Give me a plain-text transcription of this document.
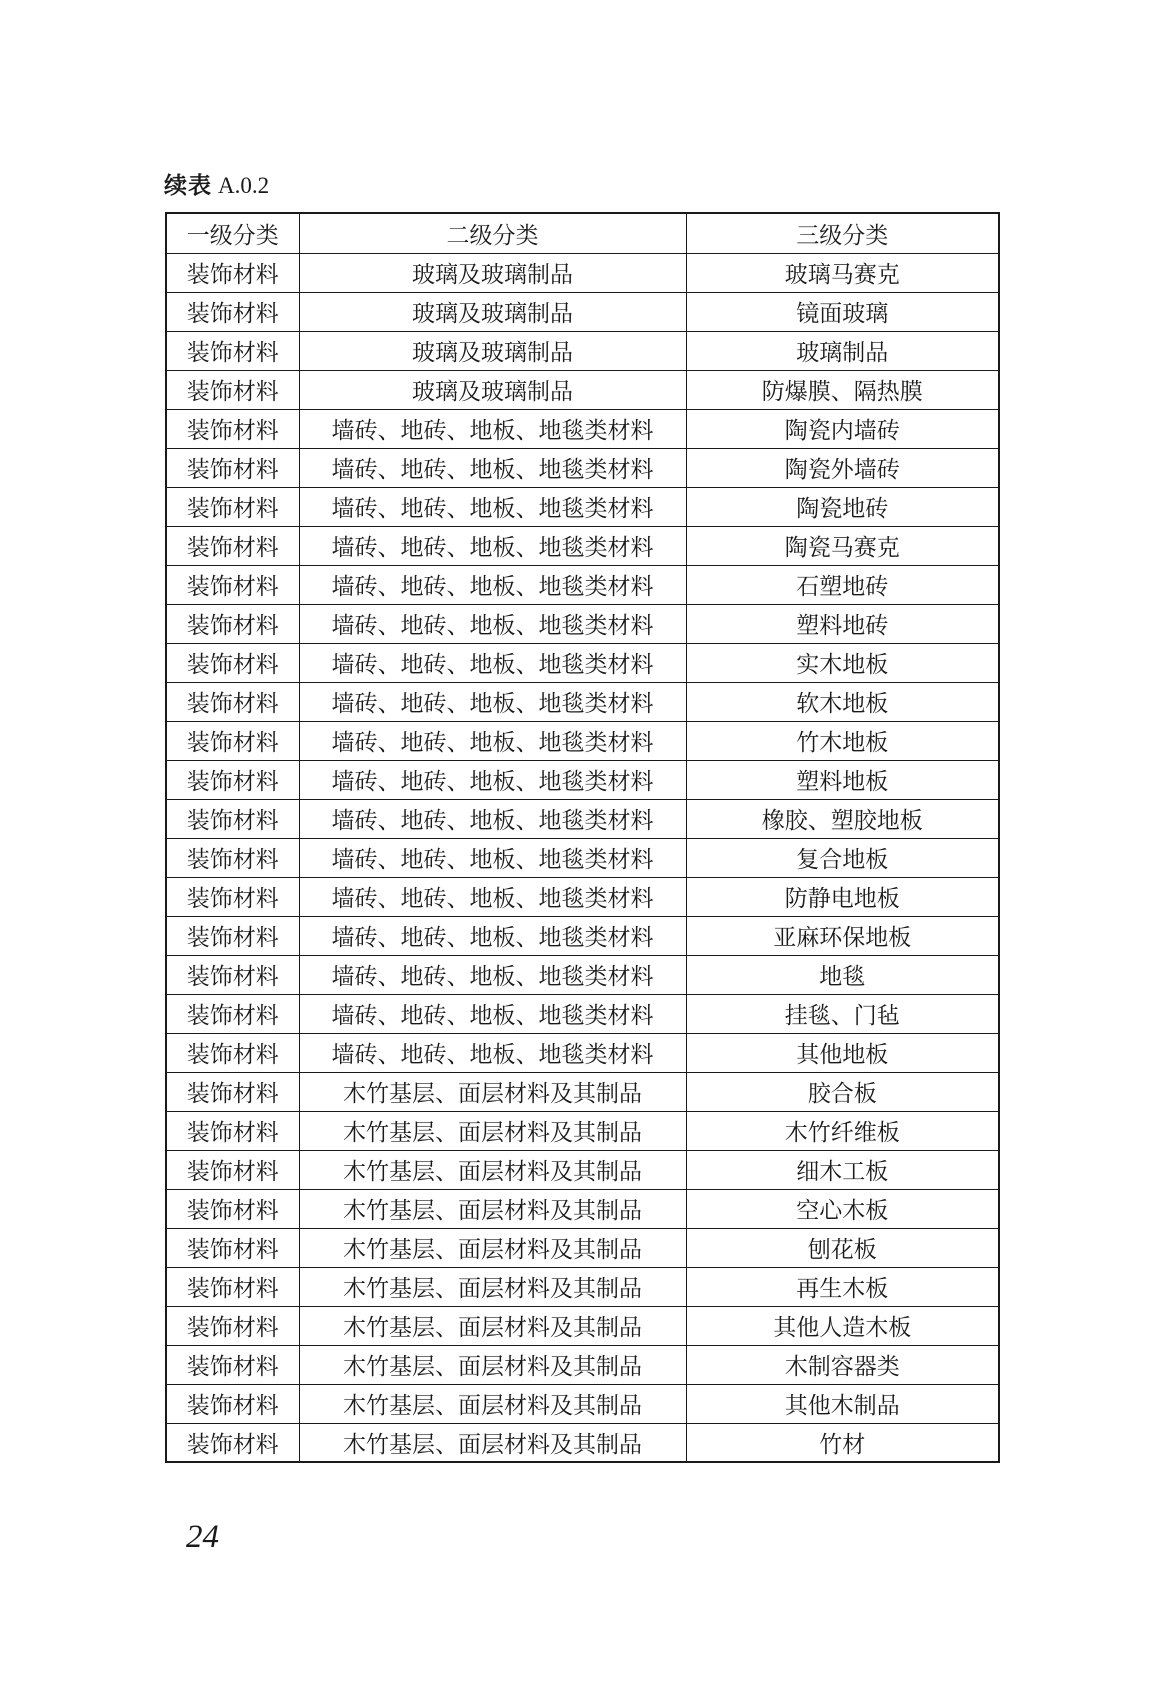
续表 A.0.2
一级分类	二级分类	三级分类
装饰材料	玻璃及玻璃制品	玻璃马赛克
装饰材料	玻璃及玻璃制品	镜面玻璃
装饰材料	玻璃及玻璃制品	玻璃制品
装饰材料	玻璃及玻璃制品	防爆膜、隔热膜
装饰材料	墙砖、地砖、地板、地毯类材料	陶瓷内墙砖
装饰材料	墙砖、地砖、地板、地毯类材料	陶瓷外墙砖
装饰材料	墙砖、地砖、地板、地毯类材料	陶瓷地砖
装饰材料	墙砖、地砖、地板、地毯类材料	陶瓷马赛克
装饰材料	墙砖、地砖、地板、地毯类材料	石塑地砖
装饰材料	墙砖、地砖、地板、地毯类材料	塑料地砖
装饰材料	墙砖、地砖、地板、地毯类材料	实木地板
装饰材料	墙砖、地砖、地板、地毯类材料	软木地板
装饰材料	墙砖、地砖、地板、地毯类材料	竹木地板
装饰材料	墙砖、地砖、地板、地毯类材料	塑料地板
装饰材料	墙砖、地砖、地板、地毯类材料	橡胶、塑胶地板
装饰材料	墙砖、地砖、地板、地毯类材料	复合地板
装饰材料	墙砖、地砖、地板、地毯类材料	防静电地板
装饰材料	墙砖、地砖、地板、地毯类材料	亚麻环保地板
装饰材料	墙砖、地砖、地板、地毯类材料	地毯
装饰材料	墙砖、地砖、地板、地毯类材料	挂毯、门毡
装饰材料	墙砖、地砖、地板、地毯类材料	其他地板
装饰材料	木竹基层、面层材料及其制品	胶合板
装饰材料	木竹基层、面层材料及其制品	木竹纤维板
装饰材料	木竹基层、面层材料及其制品	细木工板
装饰材料	木竹基层、面层材料及其制品	空心木板
装饰材料	木竹基层、面层材料及其制品	刨花板
装饰材料	木竹基层、面层材料及其制品	再生木板
装饰材料	木竹基层、面层材料及其制品	其他人造木板
装饰材料	木竹基层、面层材料及其制品	木制容器类
装饰材料	木竹基层、面层材料及其制品	其他木制品
装饰材料	木竹基层、面层材料及其制品	竹材
24
